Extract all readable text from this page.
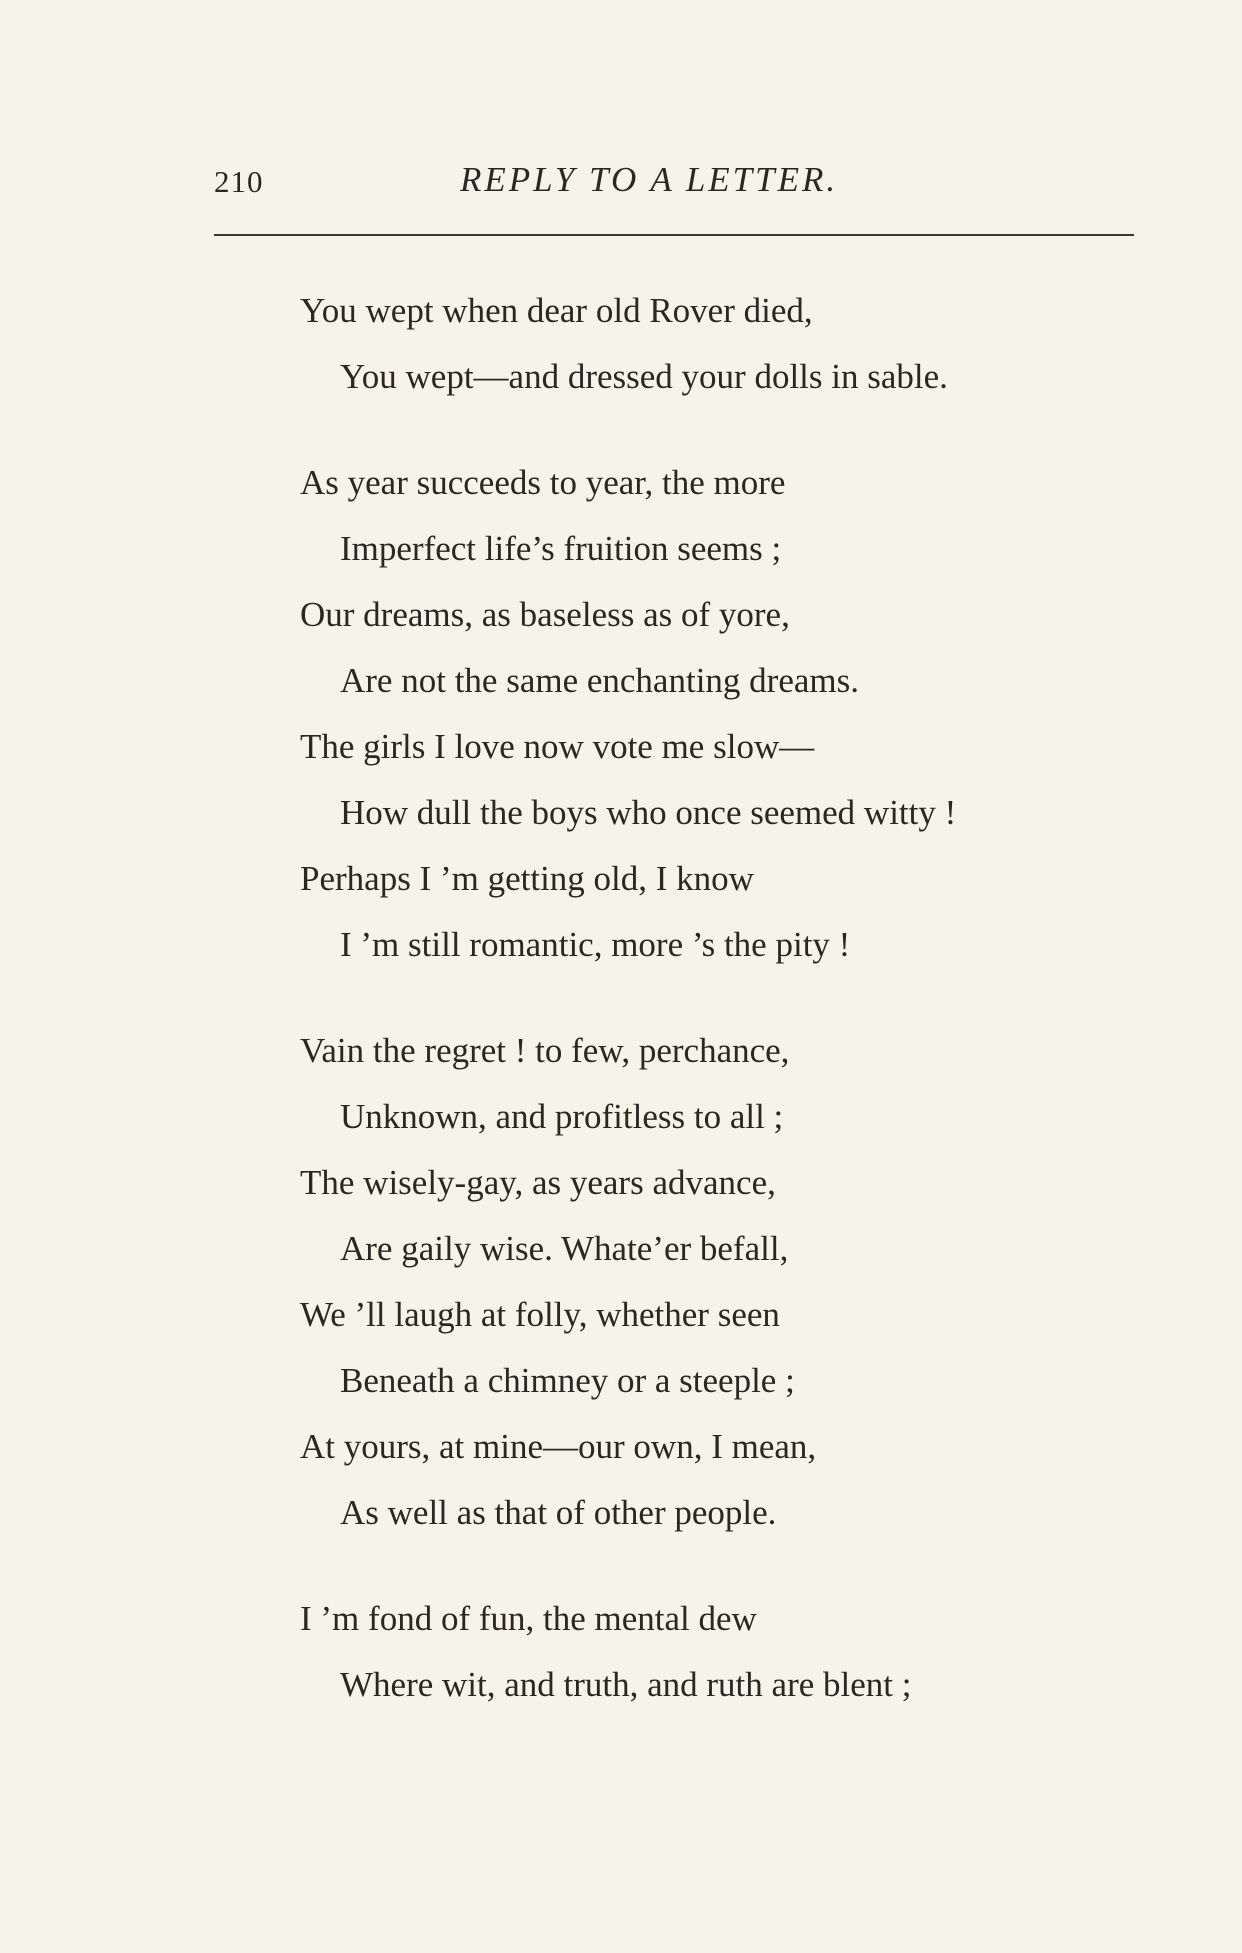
210	REPLY TO A LETTER.
You wept when dear old Rover died,
You wept—and dressed your dolls in sable.
As year succeeds to year, the more
Imperfect life’s fruition seems ;
Our dreams, as baseless as of yore,
Are not the same enchanting dreams.
The girls I love now vote me slow—
How dull the boys who once seemed witty !
Perhaps I ’m getting old, I know
I ’m still romantic, more ’s the pity !
Vain the regret ! to few, perchance,
Unknown, and profitless to all ;
The wisely-gay, as years advance,
Are gaily wise. Whate’er befall,
We ’ll laugh at folly, whether seen
Beneath a chimney or a steeple ;
At yours, at mine—our own, I mean,
As well as that of other people.
I ’m fond of fun, the mental dew
Where wit, and truth, and ruth are blent ;
